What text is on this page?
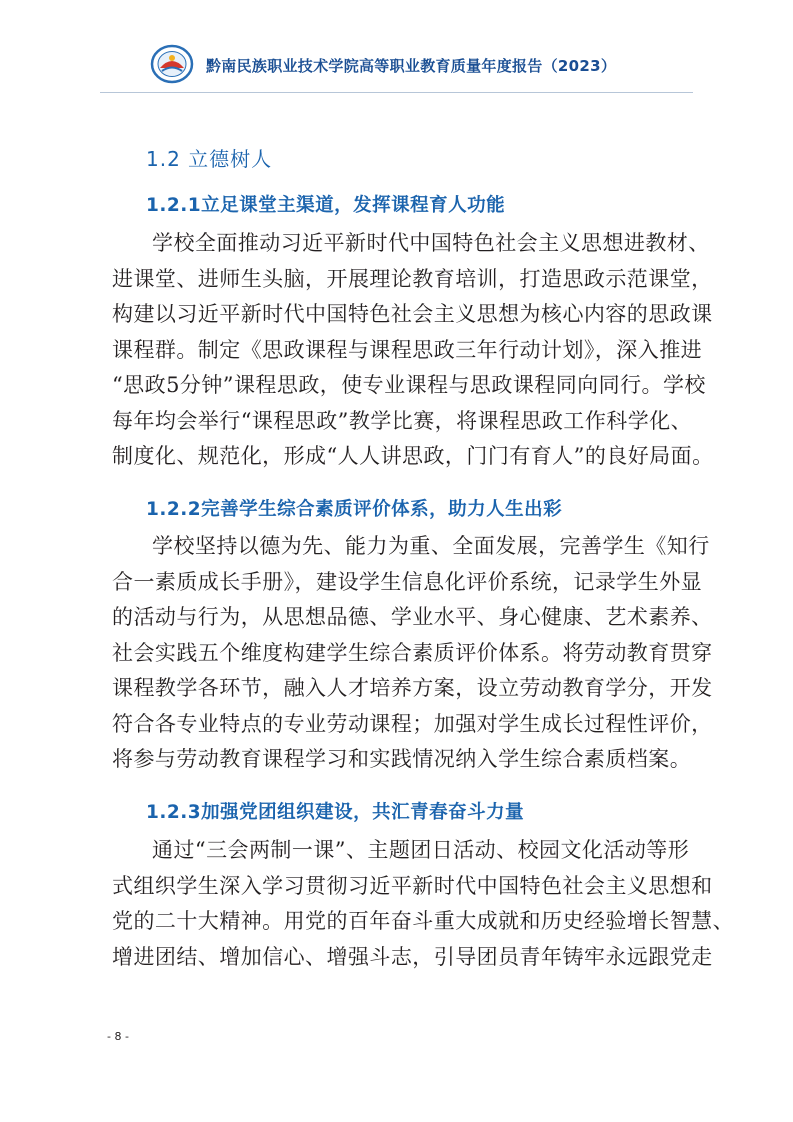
黔南民族职业技术学院高等职业教育质量年度报告（2023）
1.2 立德树人
1.2.1立足课堂主渠道，发挥课程育人功能
学校全面推动习近平新时代中国特色社会主义思想进教材、
进课堂、进师生头脑，开展理论教育培训，打造思政示范课堂，
构建以习近平新时代中国特色社会主义思想为核心内容的思政课
课程群。制定《思政课程与课程思政三年行动计划》，深入推进
“思政5分钟”课程思政，使专业课程与思政课程同向同行。学校
每年均会举行“课程思政”教学比赛，将课程思政工作科学化、
制度化、规范化，形成“人人讲思政，门门有育人”的良好局面。
1.2.2完善学生综合素质评价体系，助力人生出彩
学校坚持以德为先、能力为重、全面发展，完善学生《知行
合一素质成长手册》，建设学生信息化评价系统，记录学生外显
的活动与行为，从思想品德、学业水平、身心健康、艺术素养、
社会实践五个维度构建学生综合素质评价体系。将劳动教育贯穿
课程教学各环节，融入人才培养方案，设立劳动教育学分，开发
符合各专业特点的专业劳动课程；加强对学生成长过程性评价，
将参与劳动教育课程学习和实践情况纳入学生综合素质档案。
1.2.3加强党团组织建设，共汇青春奋斗力量
通过“三会两制一课”、主题团日活动、校园文化活动等形
式组织学生深入学习贯彻习近平新时代中国特色社会主义思想和
党的二十大精神。用党的百年奋斗重大成就和历史经验增长智慧、
增进团结、增加信心、增强斗志，引导团员青年铸牢永远跟党走
- 8 -
